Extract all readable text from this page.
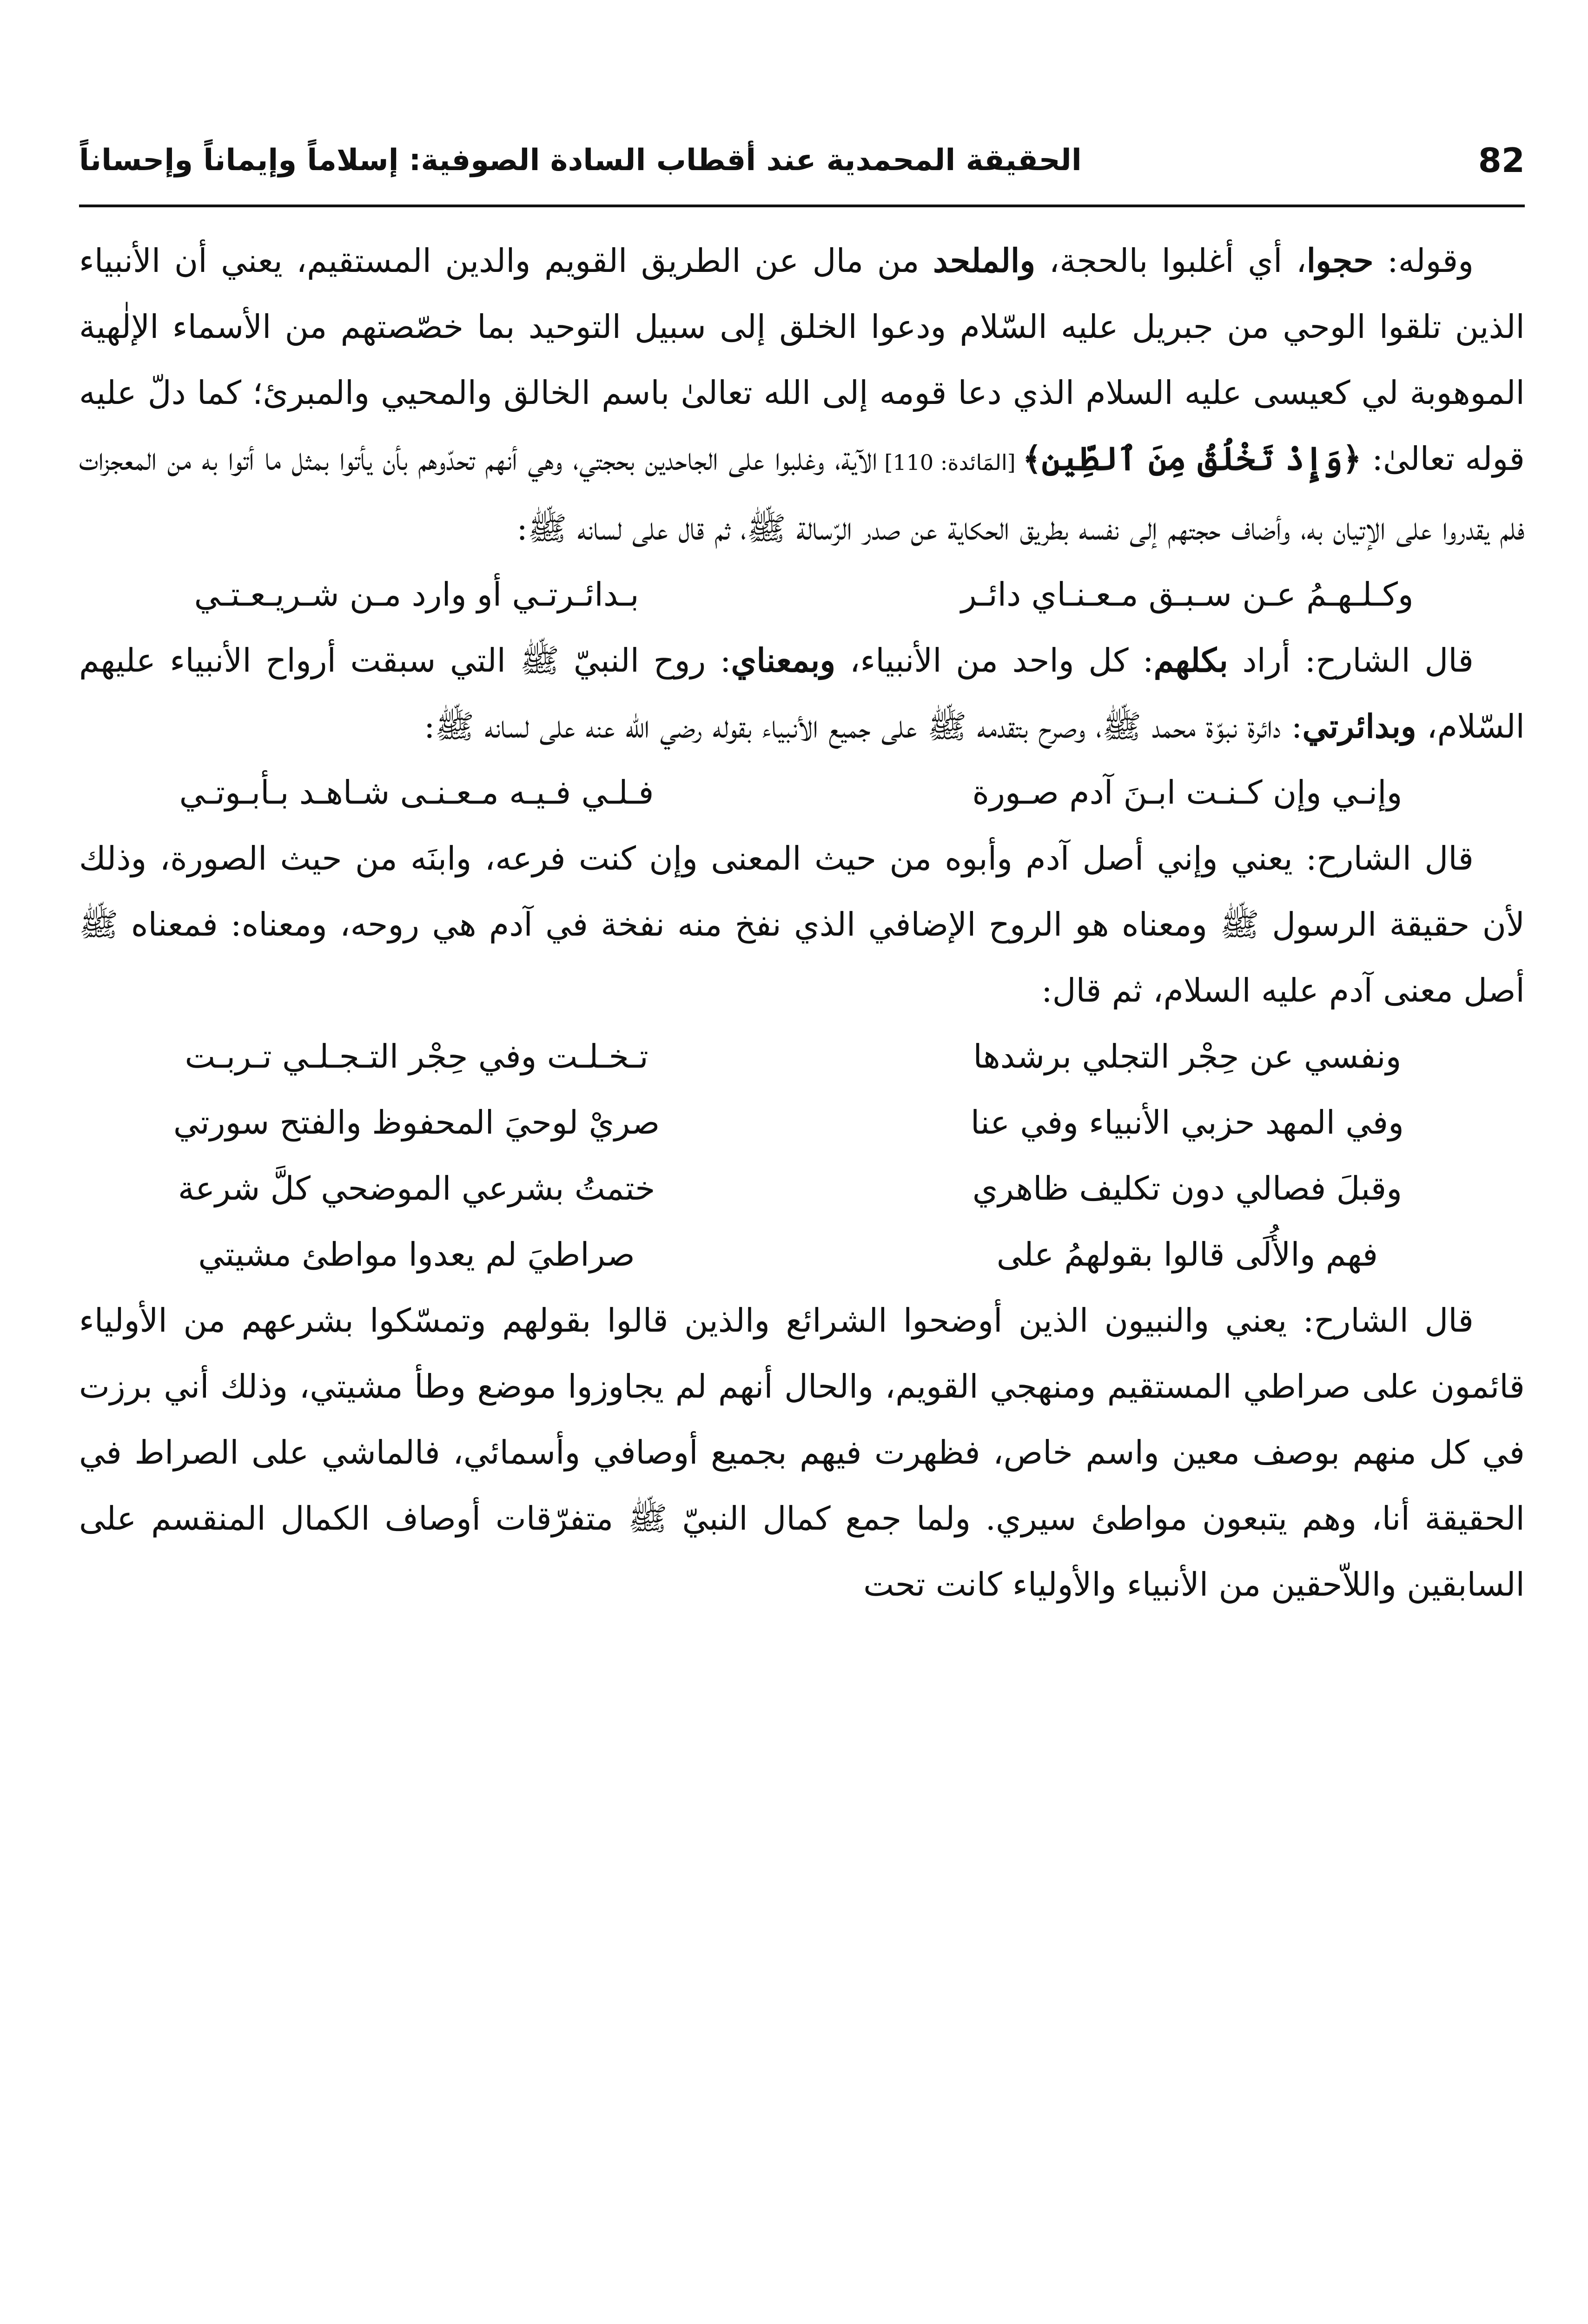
82
الحقيقة المحمدية عند أقطاب السادة الصوفية: إسلاماً وإيماناً وإحساناً

وقوله: حجوا، أي أغلبوا بالحجة، والملحد من مال عن الطريق القويم والدين المستقيم، يعني أن الأنبياء الذين تلقوا الوحي من جبريل عليه السّلام ودعوا الخلق إلى سبيل التوحيد بما خصّصتهم من الأسماء الإلٰهية الموهوبة لي كعيسى عليه السلام الذي دعا قومه إلى الله تعالىٰ باسم الخالق والمحيي والمبرئ؛ كما دلّ عليه قوله تعالىٰ: ﴿وَإِذْ تَخْلُقُ مِنَ ٱلطِّينِ﴾ [المَائدة: 110] الآية، وغلبوا على الجاحدين بحجتي، وهي أنهم تحدّوهم بأن يأتوا بمثل ما أتوا به من المعجزات فلم يقدروا على الإتيان به، وأضاف حجتهم إلى نفسه بطريق الحكاية عن صدر الرّسالة ﷺ، ثم قال على لسانه ﷺ:

وكـلـهـمُ عـن سـبـق مـعـنـاي دائـر
بـدائـرتـي أو وارد مـن شـريـعـتـي

قال الشارح: أراد بكلهم: كل واحد من الأنبياء، وبمعناي: روح النبيّ ﷺ التي سبقت أرواح الأنبياء عليهم السّلام، وبدائرتي: دائرة نبوّة محمد ﷺ، وصرح بتقدمه ﷺ على جميع الأنبياء بقوله رضي الله عنه على لسانه ﷺ:

وإنـي وإن كـنـت ابـنَ آدم صـورة
فـلـي فـيـه مـعـنـى شـاهـد بـأبـوتـي

قال الشارح: يعني وإني أصل آدم وأبوه من حيث المعنى وإن كنت فرعه، وابنَه من حيث الصورة، وذلك لأن حقيقة الرسول ﷺ ومعناه هو الروح الإضافي الذي نفخ منه نفخة في آدم هي روحه، ومعناه: فمعناه ﷺ أصل معنى آدم عليه السلام، ثم قال:

ونفسي عن حِجْر التجلي برشدها
تـخـلـت وفي حِجْر التـجـلـي تـربـت
وفي المهد حزبي الأنبياء وفي عنا
صريْ لوحيَ المحفوظ والفتح سورتي
وقبلَ فصالي دون تكليف ظاهري
ختمتُ بشرعي الموضحي كلَّ شرعة
فهم والأُلَى قالوا بقولهمُ على
صراطيَ لم يعدوا مواطئ مشيتي

قال الشارح: يعني والنبيون الذين أوضحوا الشرائع والذين قالوا بقولهم وتمسّكوا بشرعهم من الأولياء قائمون على صراطي المستقيم ومنهجي القويم، والحال أنهم لم يجاوزوا موضع وطأ مشيتي، وذلك أني برزت في كل منهم بوصف معين واسم خاص، فظهرت فيهم بجميع أوصافي وأسمائي، فالماشي على الصراط في الحقيقة أنا، وهم يتبعون مواطئ سيري. ولما جمع كمال النبيّ ﷺ متفرّقات أوصاف الكمال المنقسم على السابقين واللاّحقين من الأنبياء والأولياء كانت تحت
